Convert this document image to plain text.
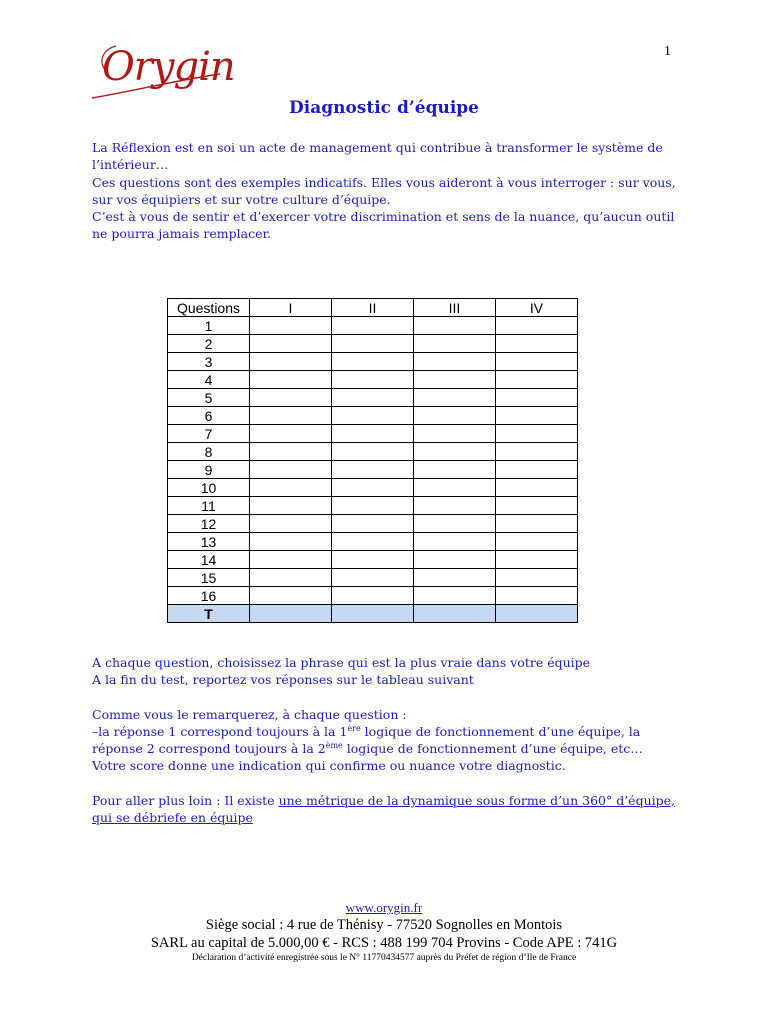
1
Orygin
Diagnostic d’équipe

La Réflexion est en soi un acte de management qui contribue à transformer le système de l’intérieur…

Ces questions sont des exemples indicatifs. Elles vous aideront à vous interroger : sur vous, sur vos équipiers et sur votre culture d’équipe.

C’est à vous de sentir et d’exercer votre discrimination et sens de la nuance, qu’aucun outil ne pourra jamais remplacer.

Questions	I	II	III	IV
1				
2				
3				
4				
5				
6				
7				
8				
9				
10				
11				
12				
13				
14				
15				
16				
T				

A chaque question, choisissez la phrase qui est la plus vraie dans votre équipe

A la fin du test, reportez vos réponses sur le tableau suivant

Comme vous le remarquerez, à chaque question :

–la réponse 1 correspond toujours à la 1ère logique de fonctionnement d’une équipe, la réponse 2 correspond toujours à la 2ème logique de fonctionnement d’une équipe, etc…

Votre score donne une indication qui confirme ou nuance votre diagnostic.

Pour aller plus loin : Il existe une métrique de la dynamique sous forme d’un 360° d’équipe, qui se débriefe en équipe

www.orygin.fr
Siège social : 4 rue de Thénisy - 77520 Sognolles en Montois
SARL au capital de 5.000,00 € - RCS : 488 199 704 Provins - Code APE : 741G
Déclaration d’activité enregistrée sous le N° 11770434577 auprès du Préfet de région d’Ile de France
